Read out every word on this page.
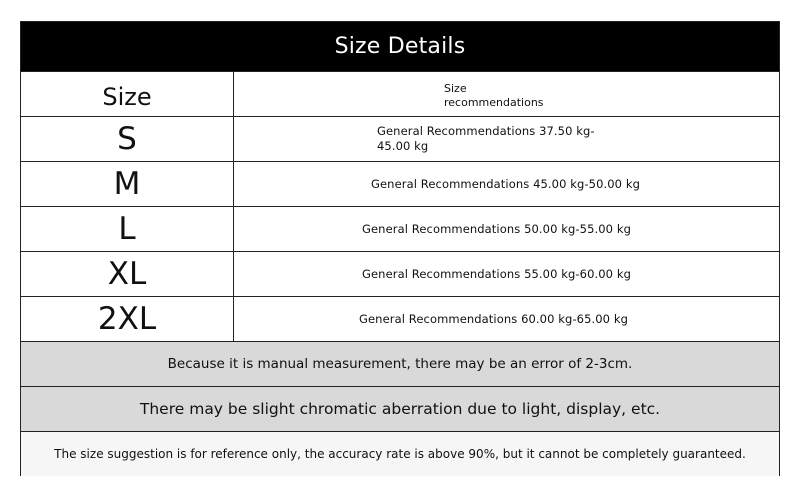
Size Details
Size	Size recommendations
S	General Recommendations 37.50 kg-45.00 kg
M	General Recommendations 45.00 kg-50.00 kg
L	General Recommendations 50.00 kg-55.00 kg
XL	General Recommendations 55.00 kg-60.00 kg
2XL	General Recommendations 60.00 kg-65.00 kg
Because it is manual measurement, there may be an error of 2-3cm.
There may be slight chromatic aberration due to light, display, etc.
The size suggestion is for reference only, the accuracy rate is above 90%, but it cannot be completely guaranteed.
